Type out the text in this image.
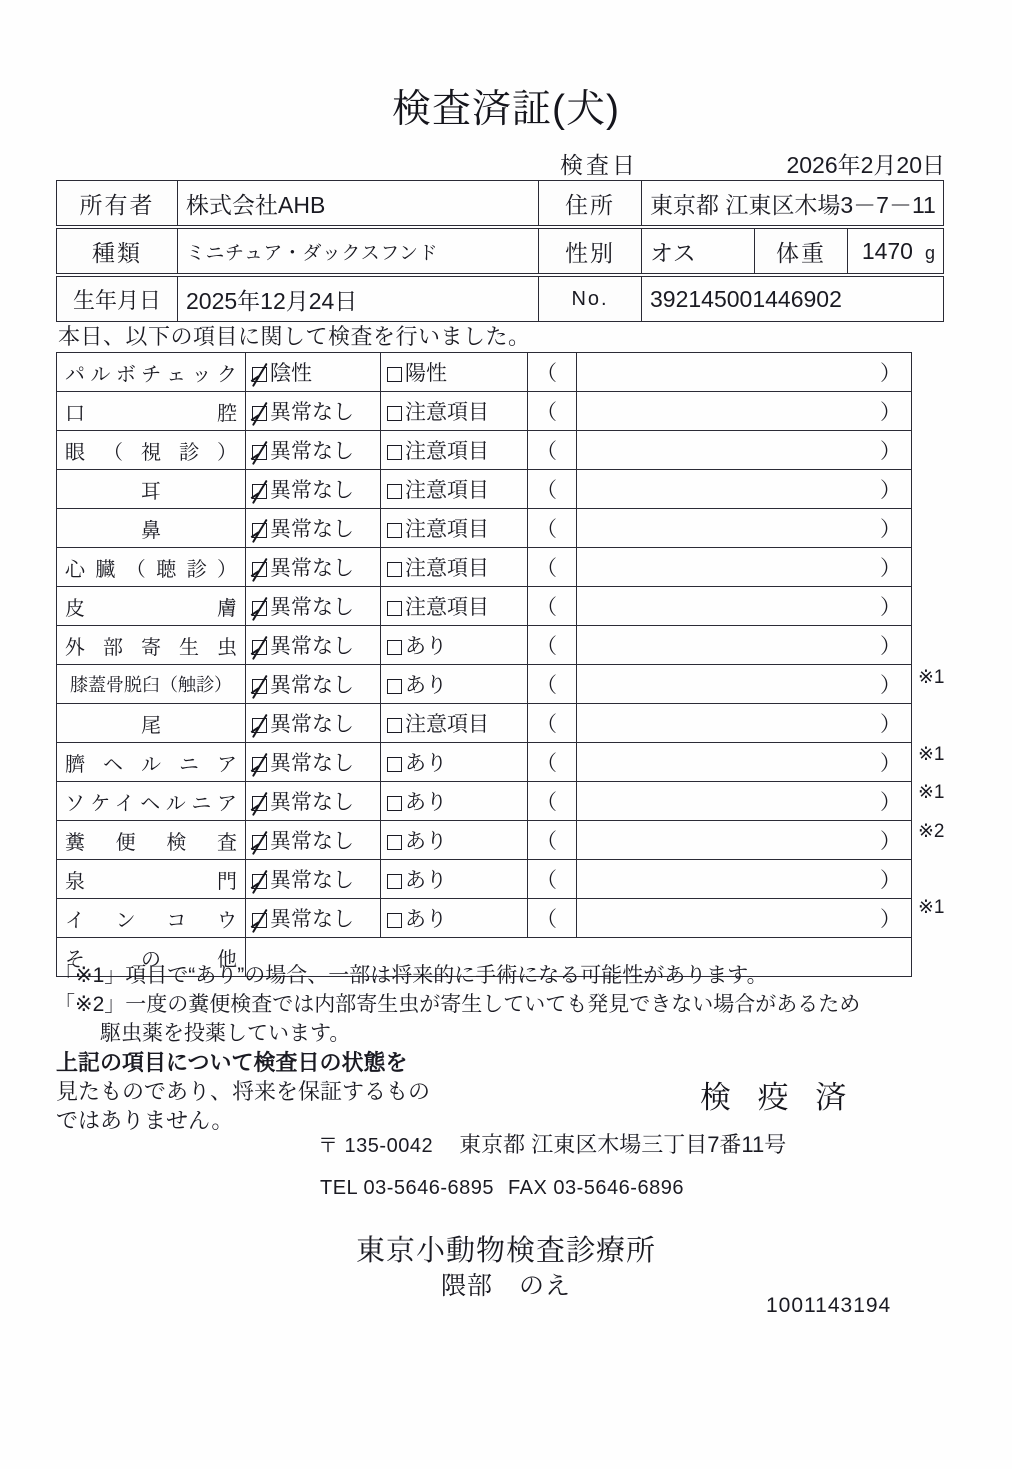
検査済証(犬)
検査日	2026年2月20日
所有者	株式会社AHB	住所	東京都 江東区木場3－7－11
種類	ミニチュア・ダックスフンド	性別	オス	体重	1470 g
生年月日	2025年12月24日	No.	392145001446902
本日、以下の項目に関して検査を行いました。
パルボチェック	陰性	陽性	（	）
口腔	異常なし	注意項目	（	）
眼（視診）	異常なし	注意項目	（	）
耳	異常なし	注意項目	（	）
鼻	異常なし	注意項目	（	）
心臓（聴診）	異常なし	注意項目	（	）
皮膚	異常なし	注意項目	（	）
外部寄生虫	異常なし	あり	（	）
膝蓋骨脱臼（触診）	異常なし	あり	（	）
尾	異常なし	注意項目	（	）
臍ヘルニア	異常なし	あり	（	）
ソケイヘルニア	異常なし	あり	（	）
糞便検査	異常なし	あり	（	）
泉門	異常なし	あり	（	）
インコウ	異常なし	あり	（	）
その他				
※1
※1
※1
※2
※1
「※1」項目で“あり”の場合、一部は将来的に手術になる可能性があります。
「※2」一度の糞便検査では内部寄生虫が寄生していても発見できない場合があるため
駆虫薬を投薬しています。
上記の項目について検査日の状態を
見たものであり、将来を保証するもの
ではありません。
検 疫 済
〒 135-0042 東京都 江東区木場三丁目7番11号
TEL 03-5646-6895 FAX 03-5646-6896
東京小動物検査診療所
隈部　のえ
1001143194
